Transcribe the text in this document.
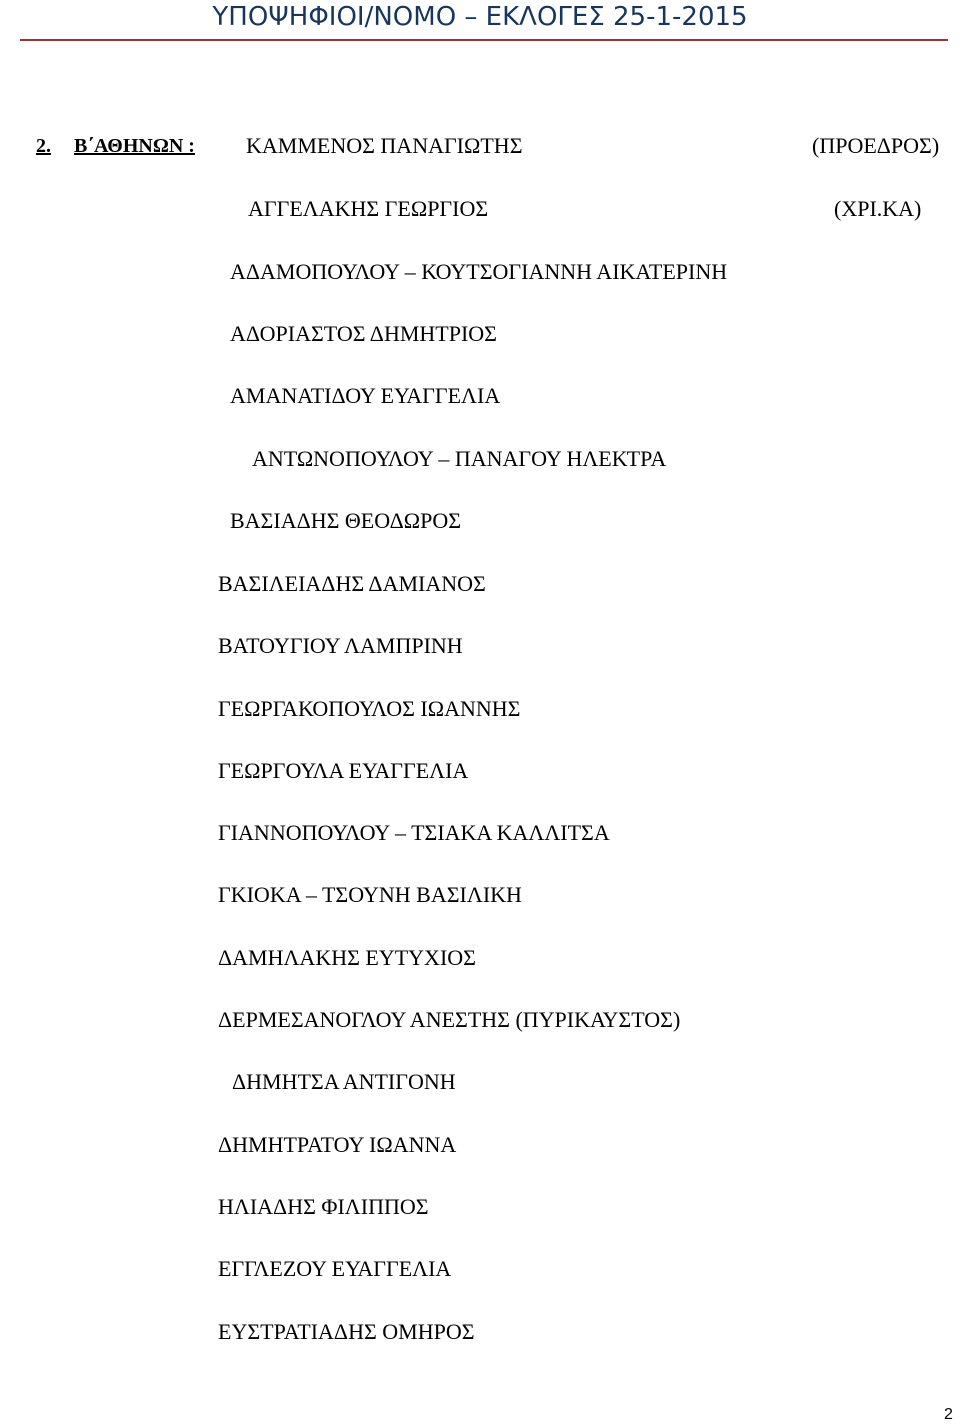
ΥΠΟΨΗΦΙΟΙ/ΝΟΜΟ – ΕΚΛΟΓΕΣ 25-1-2015
2. Β΄ΑΘΗΝΩΝ : ΚΑΜΜΕΝΟΣ ΠΑΝΑΓΙΩΤΗΣ	(ΠΡΟΕΔΡΟΣ)
ΑΓΓΕΛΑΚΗΣ ΓΕΩΡΓΙΟΣ	(ΧΡΙ.ΚΑ)
ΑΔΑΜΟΠΟΥΛΟΥ – ΚΟΥΤΣΟΓΙΑΝΝΗ ΑΙΚΑΤΕΡΙΝΗ
ΑΔΟΡΙΑΣΤΟΣ ΔΗΜΗΤΡΙΟΣ
ΑΜΑΝΑΤΙΔΟΥ ΕΥΑΓΓΕΛΙΑ
ΑΝΤΩΝΟΠΟΥΛΟΥ – ΠΑΝΑΓΟΥ ΗΛΕΚΤΡΑ
ΒΑΣΙΑΔΗΣ ΘΕΟΔΩΡΟΣ
ΒΑΣΙΛΕΙΑΔΗΣ ΔΑΜΙΑΝΟΣ
ΒΑΤΟΥΓΙΟΥ ΛΑΜΠΡΙΝΗ
ΓΕΩΡΓΑΚΟΠΟΥΛΟΣ ΙΩΑΝΝΗΣ
ΓΕΩΡΓΟΥΛΑ ΕΥΑΓΓΕΛΙΑ
ΓΙΑΝΝΟΠΟΥΛΟΥ – ΤΣΙΑΚΑ ΚΑΛΛΙΤΣΑ
ΓΚΙΟΚΑ – ΤΣΟΥΝΗ ΒΑΣΙΛΙΚΗ
ΔΑΜΗΛΑΚΗΣ ΕΥΤΥΧΙΟΣ
ΔΕΡΜΕΣΑΝΟΓΛΟΥ ΑΝΕΣΤΗΣ (ΠΥΡΙΚΑΥΣΤΟΣ)
ΔΗΜΗΤΣΑ ΑΝΤΙΓΟΝΗ
ΔΗΜΗΤΡΑΤΟΥ ΙΩΑΝΝΑ
ΗΛΙΑΔΗΣ ΦΙΛΙΠΠΟΣ
ΕΓΓΛΕΖΟΥ ΕΥΑΓΓΕΛΙΑ
ΕΥΣΤΡΑΤΙΑΔΗΣ ΟΜΗΡΟΣ
2
